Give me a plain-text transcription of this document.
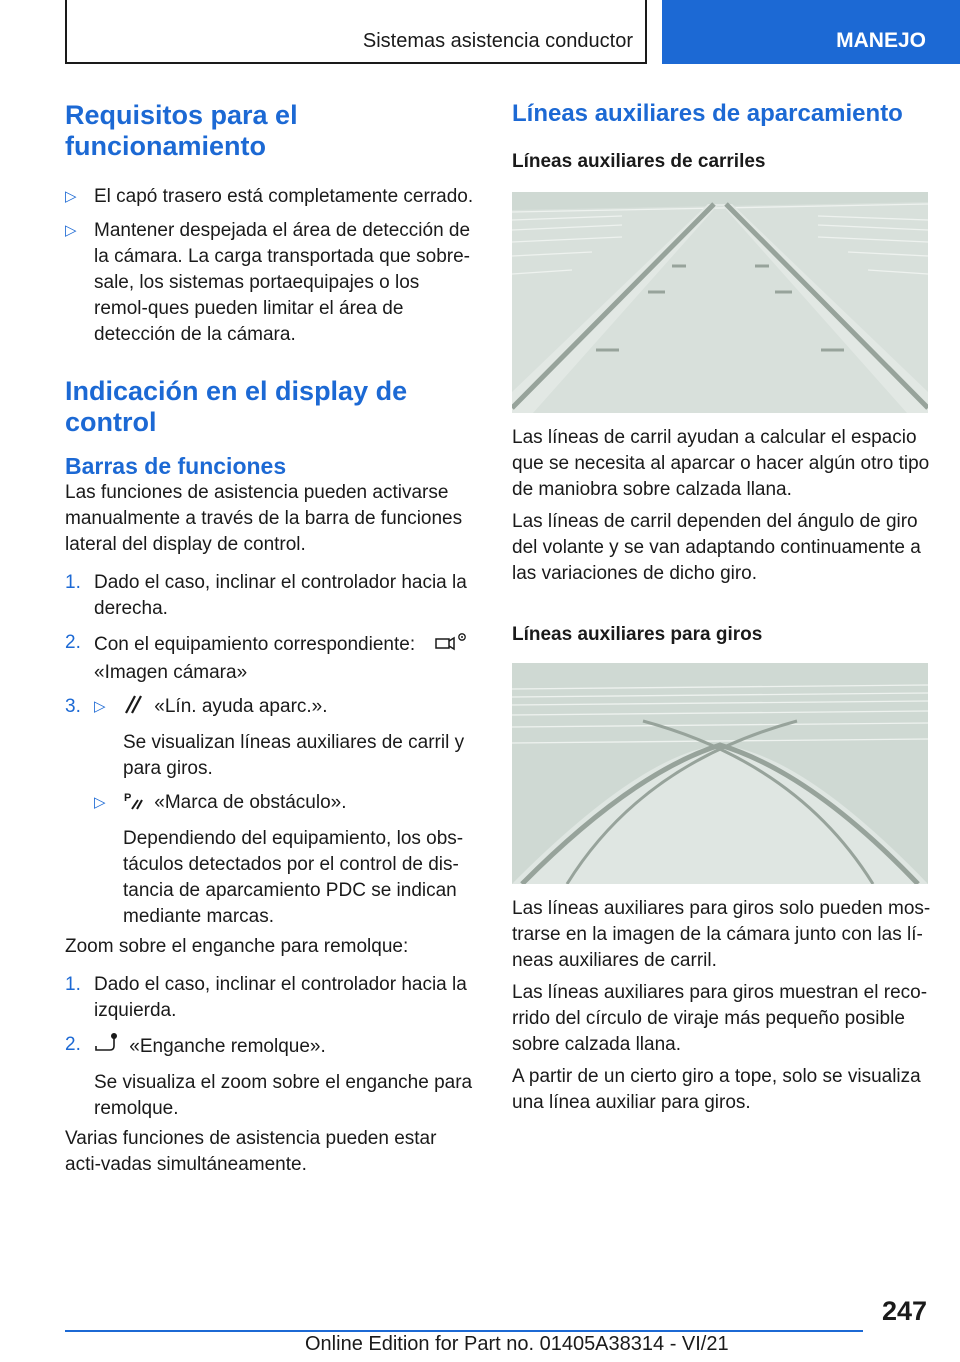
Sistemas asistencia conductor	MANEJO
Requisitos para el funcionamiento
▷ El capó trasero está completamente cerrado.
▷ Mantener despejada el área de detección de la cámara. La carga transportada que sobre-sale, los sistemas portaequipajes o los remol-ques pueden limitar el área de detección de la cámara.
Indicación en el display de control
Barras de funciones

Las funciones de asistencia pueden activarse manualmente a través de la barra de funciones lateral del display de control.

1. Dado el caso, inclinar el controlador hacia la derecha.
2. Con el equipamiento correspondiente:
«Imagen cámara»
3. ▷	«Lín. ayuda aparc.».
Se visualizan líneas auxiliares de carril y para giros.
▷ P «Marca de obstáculo».
Dependiendo del equipamiento, los obs-táculos detectados por el control de dis-tancia de aparcamiento PDC se indican mediante marcas.

Zoom sobre el enganche para remolque:

1. Dado el caso, inclinar el controlador hacia la izquierda.
2.	«Enganche remolque».
Se visualiza el zoom sobre el enganche para remolque.

Varias funciones de asistencia pueden estar acti-vadas simultáneamente.

Líneas auxiliares de aparcamiento
Líneas auxiliares de carriles

Las líneas de carril ayudan a calcular el espacio que se necesita al aparcar o hacer algún otro tipo de maniobra sobre calzada llana.

Las líneas de carril dependen del ángulo de giro del volante y se van adaptando continuamente a las variaciones de dicho giro.

Líneas auxiliares para giros

Las líneas auxiliares para giros solo pueden mos-trarse en la imagen de la cámara junto con las lí-neas auxiliares de carril.

Las líneas auxiliares para giros muestran el reco-rrido del círculo de viraje más pequeño posible sobre calzada llana.

A partir de un cierto giro a tope, solo se visualiza una línea auxiliar para giros.

247
Online Edition for Part no. 01405A38314 - VI/21
